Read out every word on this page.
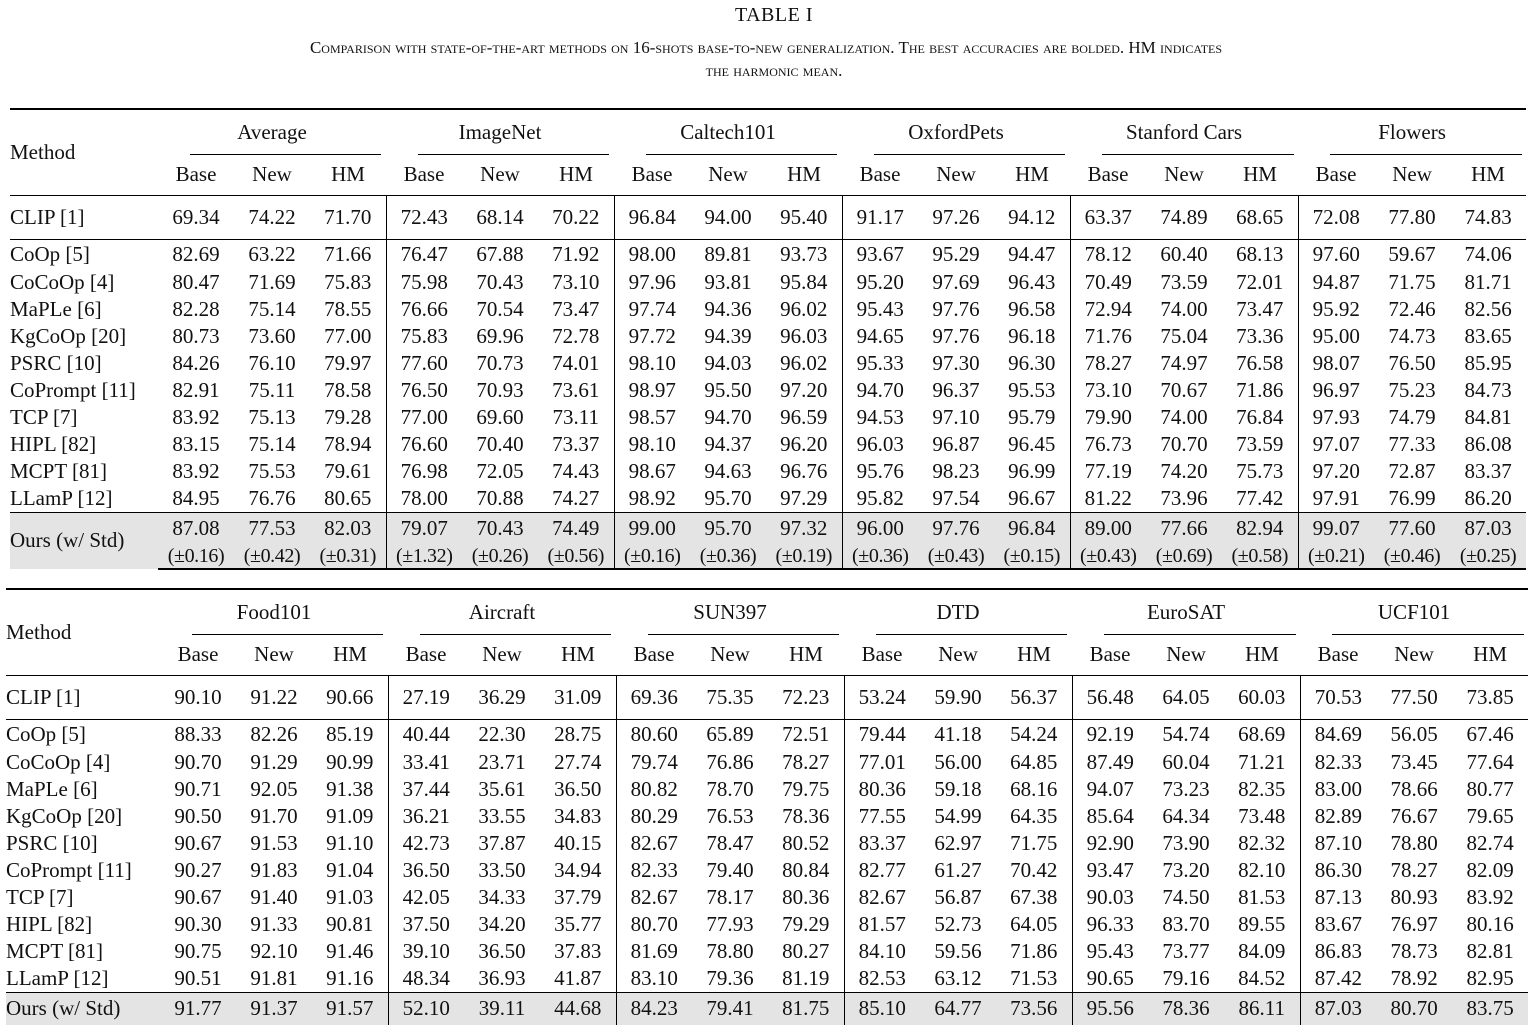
TABLE I
Comparison with state-of-the-art methods on 16-shots base-to-new generalization. The best accuracies are bolded. HM indicates
the harmonic mean.
Method	Average			ImageNet			Caltech101			OxfordPets			Stanford Cars			Flowers		
	Base	New	HM	Base	New	HM	Base	New	HM	Base	New	HM	Base	New	HM	Base	New	HM
CLIP [1]	69.34	74.22	71.70	72.43	68.14	70.22	96.84	94.00	95.40	91.17	97.26	94.12	63.37	74.89	68.65	72.08	77.80	74.83
CoOp [5]	82.69	63.22	71.66	76.47	67.88	71.92	98.00	89.81	93.73	93.67	95.29	94.47	78.12	60.40	68.13	97.60	59.67	74.06
CoCoOp [4]	80.47	71.69	75.83	75.98	70.43	73.10	97.96	93.81	95.84	95.20	97.69	96.43	70.49	73.59	72.01	94.87	71.75	81.71
MaPLe [6]	82.28	75.14	78.55	76.66	70.54	73.47	97.74	94.36	96.02	95.43	97.76	96.58	72.94	74.00	73.47	95.92	72.46	82.56
KgCoOp [20]	80.73	73.60	77.00	75.83	69.96	72.78	97.72	94.39	96.03	94.65	97.76	96.18	71.76	75.04	73.36	95.00	74.73	83.65
PSRC [10]	84.26	76.10	79.97	77.60	70.73	74.01	98.10	94.03	96.02	95.33	97.30	96.30	78.27	74.97	76.58	98.07	76.50	85.95
CoPrompt [11]	82.91	75.11	78.58	76.50	70.93	73.61	98.97	95.50	97.20	94.70	96.37	95.53	73.10	70.67	71.86	96.97	75.23	84.73
TCP [7]	83.92	75.13	79.28	77.00	69.60	73.11	98.57	94.70	96.59	94.53	97.10	95.79	79.90	74.00	76.84	97.93	74.79	84.81
HIPL [82]	83.15	75.14	78.94	76.60	70.40	73.37	98.10	94.37	96.20	96.03	96.87	96.45	76.73	70.70	73.59	97.07	77.33	86.08
MCPT [81]	83.92	75.53	79.61	76.98	72.05	74.43	98.67	94.63	96.76	95.76	98.23	96.99	77.19	74.20	75.73	97.20	72.87	83.37
LLamP [12]	84.95	76.76	80.65	78.00	70.88	74.27	98.92	95.70	97.29	95.82	97.54	96.67	81.22	73.96	77.42	97.91	76.99	86.20
Ours (w/ Std)	87.08	77.53	82.03	79.07	70.43	74.49	99.00	95.70	97.32	96.00	97.76	96.84	89.00	77.66	82.94	99.07	77.60	87.03
	(±0.16)	(±0.42)	(±0.31)	(±1.32)	(±0.26)	(±0.56)	(±0.16)	(±0.36)	(±0.19)	(±0.36)	(±0.43)	(±0.15)	(±0.43)	(±0.69)	(±0.58)	(±0.21)	(±0.46)	(±0.25)
Method	Food101			Aircraft			SUN397			DTD			EuroSAT			UCF101		
	Base	New	HM	Base	New	HM	Base	New	HM	Base	New	HM	Base	New	HM	Base	New	HM
CLIP [1]	90.10	91.22	90.66	27.19	36.29	31.09	69.36	75.35	72.23	53.24	59.90	56.37	56.48	64.05	60.03	70.53	77.50	73.85
CoOp [5]	88.33	82.26	85.19	40.44	22.30	28.75	80.60	65.89	72.51	79.44	41.18	54.24	92.19	54.74	68.69	84.69	56.05	67.46
CoCoOp [4]	90.70	91.29	90.99	33.41	23.71	27.74	79.74	76.86	78.27	77.01	56.00	64.85	87.49	60.04	71.21	82.33	73.45	77.64
MaPLe [6]	90.71	92.05	91.38	37.44	35.61	36.50	80.82	78.70	79.75	80.36	59.18	68.16	94.07	73.23	82.35	83.00	78.66	80.77
KgCoOp [20]	90.50	91.70	91.09	36.21	33.55	34.83	80.29	76.53	78.36	77.55	54.99	64.35	85.64	64.34	73.48	82.89	76.67	79.65
PSRC [10]	90.67	91.53	91.10	42.73	37.87	40.15	82.67	78.47	80.52	83.37	62.97	71.75	92.90	73.90	82.32	87.10	78.80	82.74
CoPrompt [11]	90.27	91.83	91.04	36.50	33.50	34.94	82.33	79.40	80.84	82.77	61.27	70.42	93.47	73.20	82.10	86.30	78.27	82.09
TCP [7]	90.67	91.40	91.03	42.05	34.33	37.79	82.67	78.17	80.36	82.67	56.87	67.38	90.03	74.50	81.53	87.13	80.93	83.92
HIPL [82]	90.30	91.33	90.81	37.50	34.20	35.77	80.70	77.93	79.29	81.57	52.73	64.05	96.33	83.70	89.55	83.67	76.97	80.16
MCPT [81]	90.75	92.10	91.46	39.10	36.50	37.83	81.69	78.80	80.27	84.10	59.56	71.86	95.43	73.77	84.09	86.83	78.73	82.81
LLamP [12]	90.51	91.81	91.16	48.34	36.93	41.87	83.10	79.36	81.19	82.53	63.12	71.53	90.65	79.16	84.52	87.42	78.92	82.95
Ours (w/ Std)	91.77	91.37	91.57	52.10	39.11	44.68	84.23	79.41	81.75	85.10	64.77	73.56	95.56	78.36	86.11	87.03	80.70	83.75
